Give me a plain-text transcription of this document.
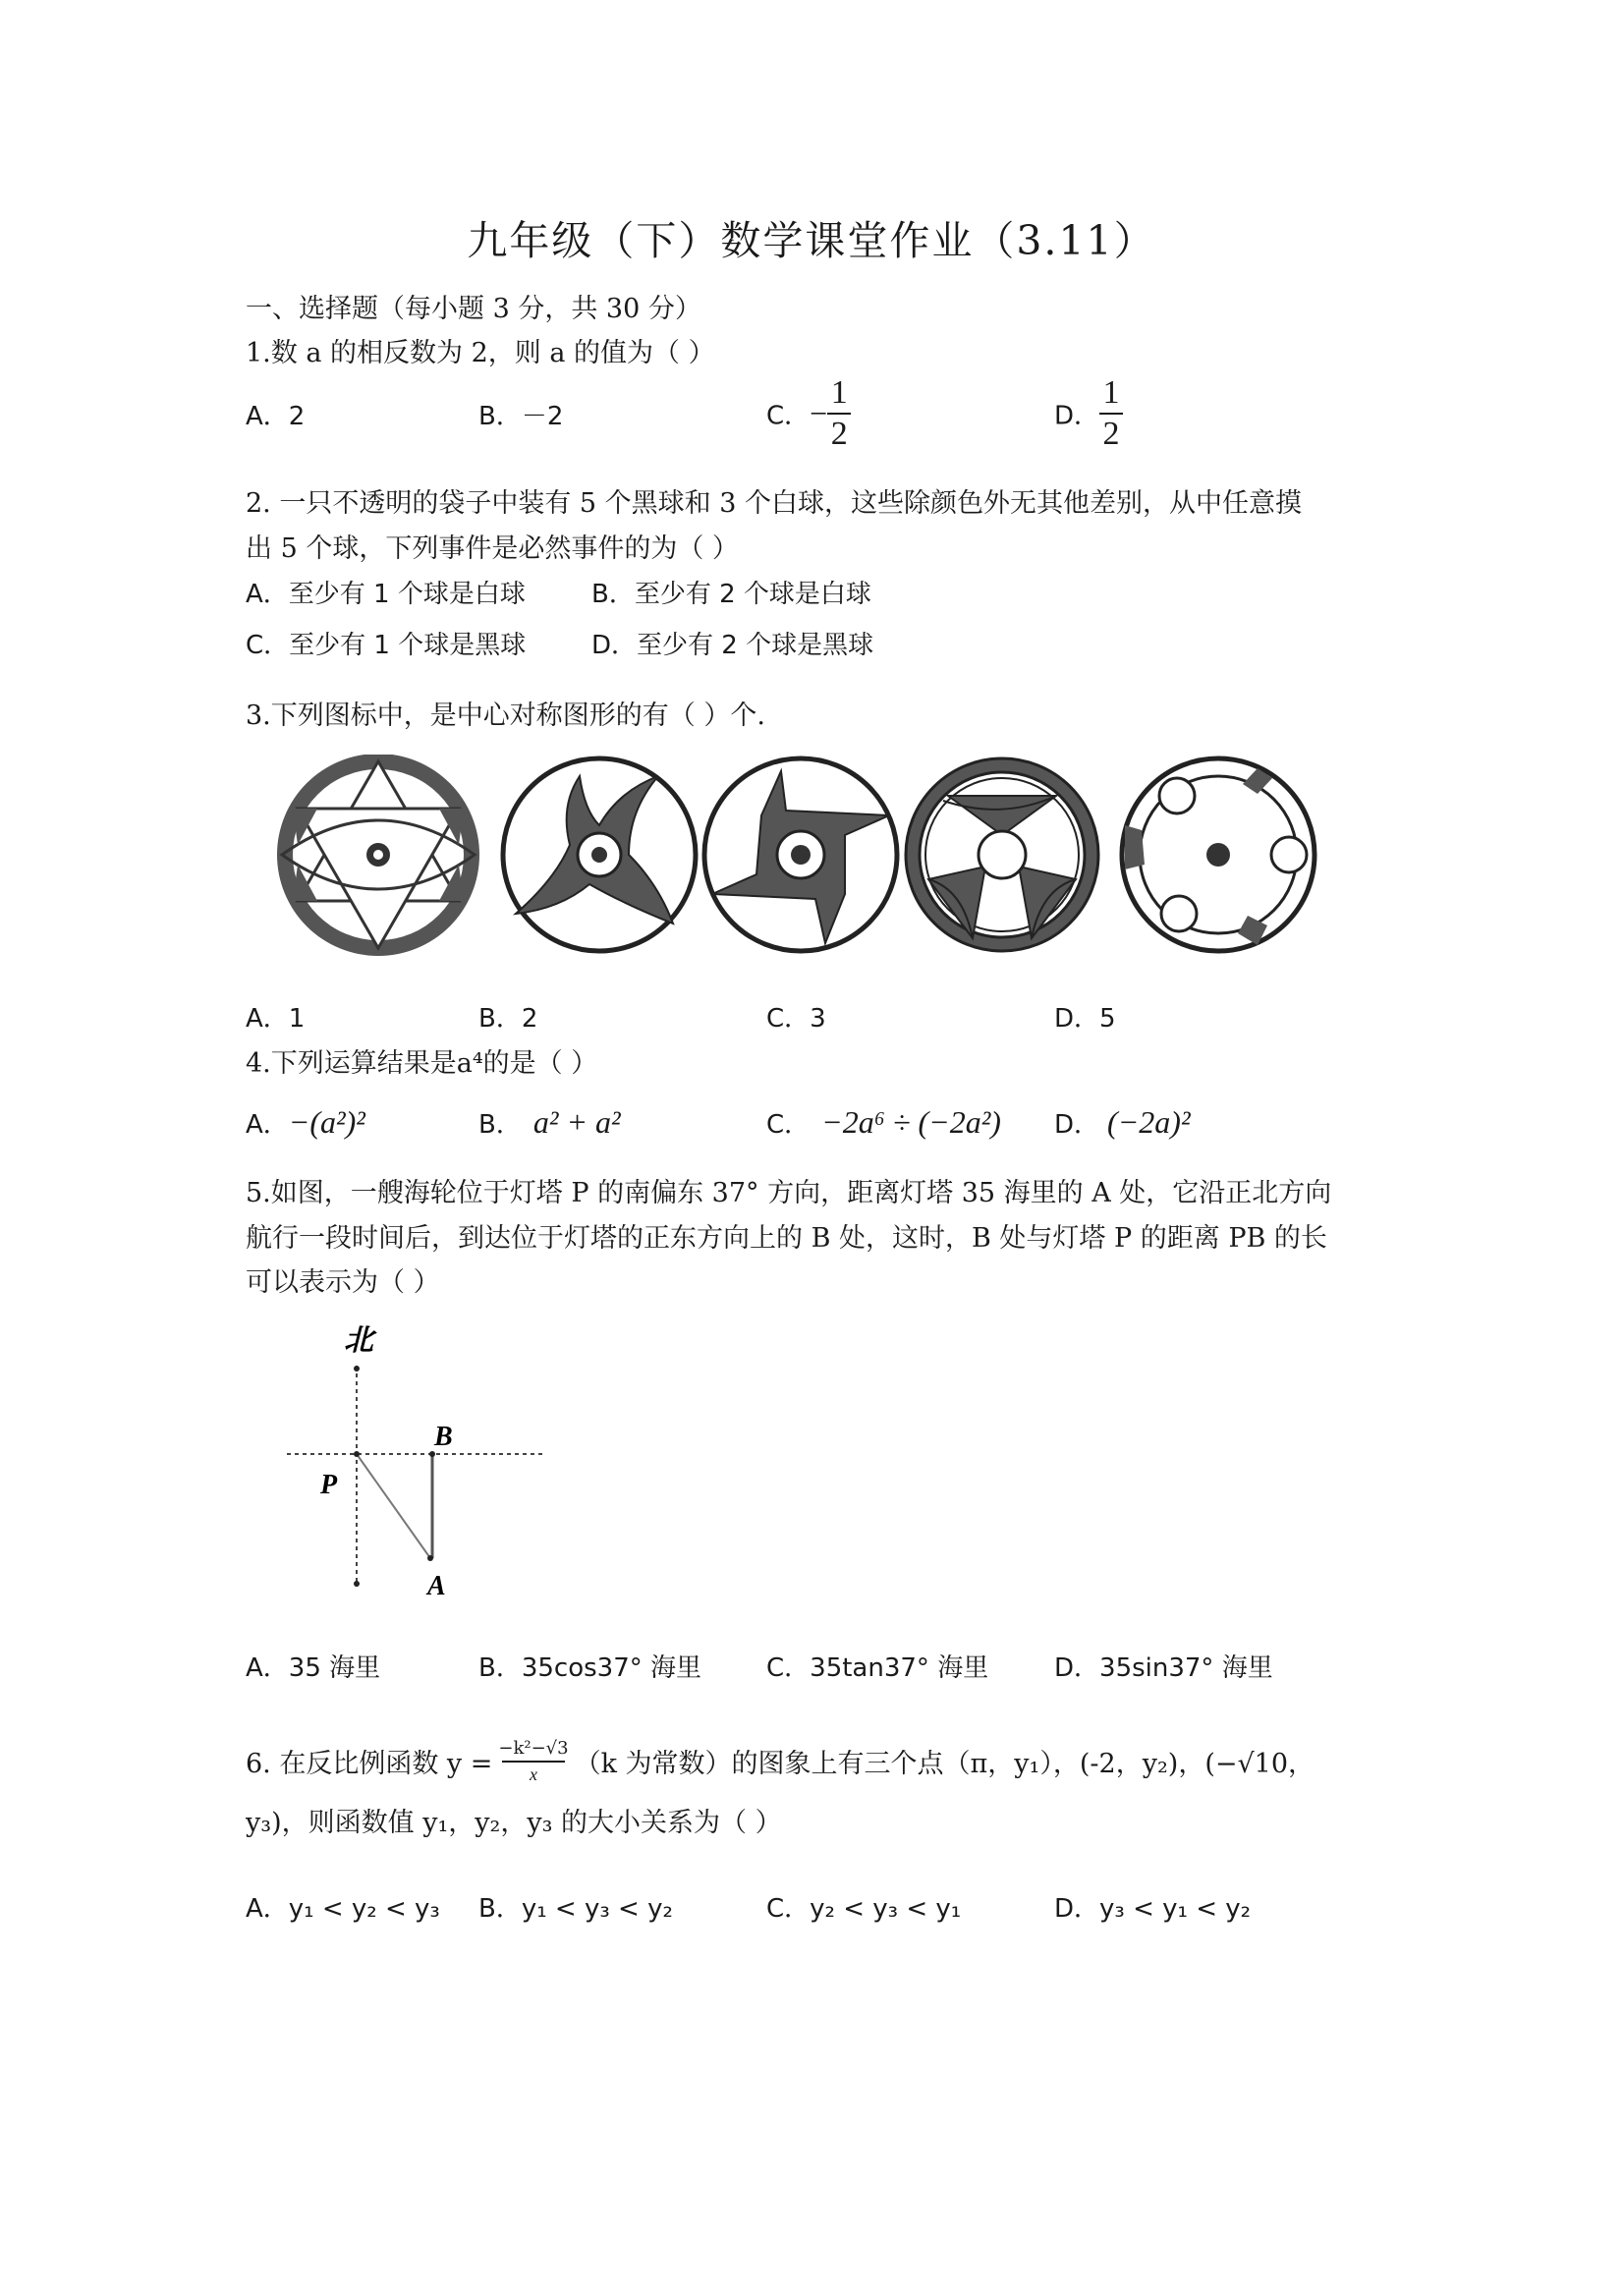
九年级（下）数学课堂作业（3.11）
一、选择题（每小题 3 分，共 30 分）
1.数 a 的相反数为 2，则 a 的值为（ ）
A．2	B．－2	C．− $\frac{1}{2}$	D． $\frac{1}{2}$
2. 一只不透明的袋子中装有 5 个黑球和 3 个白球，这些除颜色外无其他差别，从中任意摸
出 5 个球，下列事件是必然事件的为（ ）
A．至少有 1 个球是白球	B．至少有 2 个球是白球
C．至少有 1 个球是黑球	D．至少有 2 个球是黑球
3.下列图标中，是中心对称图形的有（ ）个.
A．1	B．2	C．3	D．5
4.下列运算结果是a⁴的是（ ）
A．−(a²)²	B． a² + a²	C． −2a⁶ ÷ (−2a²) D． (−2a)²
5.如图，一艘海轮位于灯塔 P 的南偏东 37° 方向，距离灯塔 35 海里的 A 处，它沿正北方向
航行一段时间后，到达位于灯塔的正东方向上的 B 处，这时，B 处与灯塔 P 的距离 PB 的长
可以表示为（ ）
北
B
P
A
A．35 海里	B．35cos37° 海里	C．35tan37° 海里	D．35sin37° 海里
6. 在反比例函数 y =
−k²−√3
x （k 为常数）的图象上有三个点（π，y₁），(-2，y₂)，(−√10，
y₃)，则函数值 y₁，y₂，y₃ 的大小关系为（ ）
A．y₁ < y₂ < y₃ B．y₁ < y₃ < y₂	C．y₂ < y₃ < y₁	D．y₃ < y₁ < y₂
